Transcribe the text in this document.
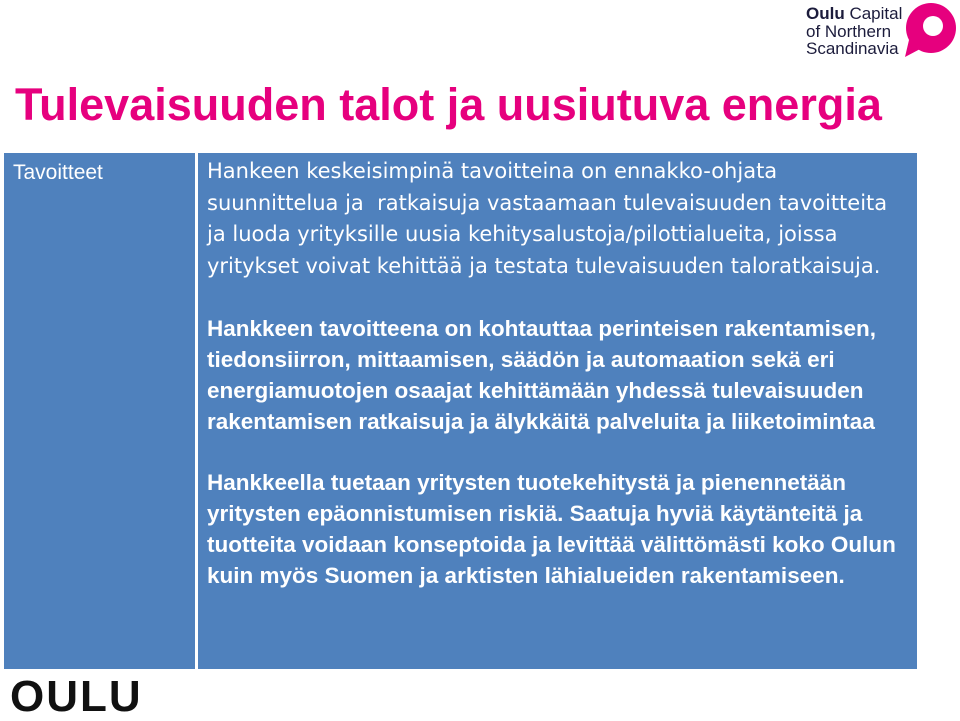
Oulu Capital
of Northern
Scandinavia
Tulevaisuuden talot ja uusiutuva energia
Tavoitteet	Hankeen keskeisimpinä tavoitteina on ennakko-ohjata
suunnittelua ja  ratkaisuja vastaamaan tulevaisuuden tavoitteita
ja luoda yrityksille uusia kehitysalustoja/pilottialueita, joissa
yritykset voivat kehittää ja testata tulevaisuuden taloratkaisuja.
Hankkeen tavoitteena on kohtauttaa perinteisen rakentamisen,
tiedonsiirron, mittaamisen, säädön ja automaation sekä eri
energiamuotojen osaajat kehittämään yhdessä tulevaisuuden
rakentamisen ratkaisuja ja älykkäitä palveluita ja liiketoimintaa
Hankkeella tuetaan yritysten tuotekehitystä ja pienennetään
yritysten epäonnistumisen riskiä. Saatuja hyviä käytänteitä ja
tuotteita voidaan konseptoida ja levittää välittömästi koko Oulun
kuin myös Suomen ja arktisten lähialueiden rakentamiseen.
OULU
